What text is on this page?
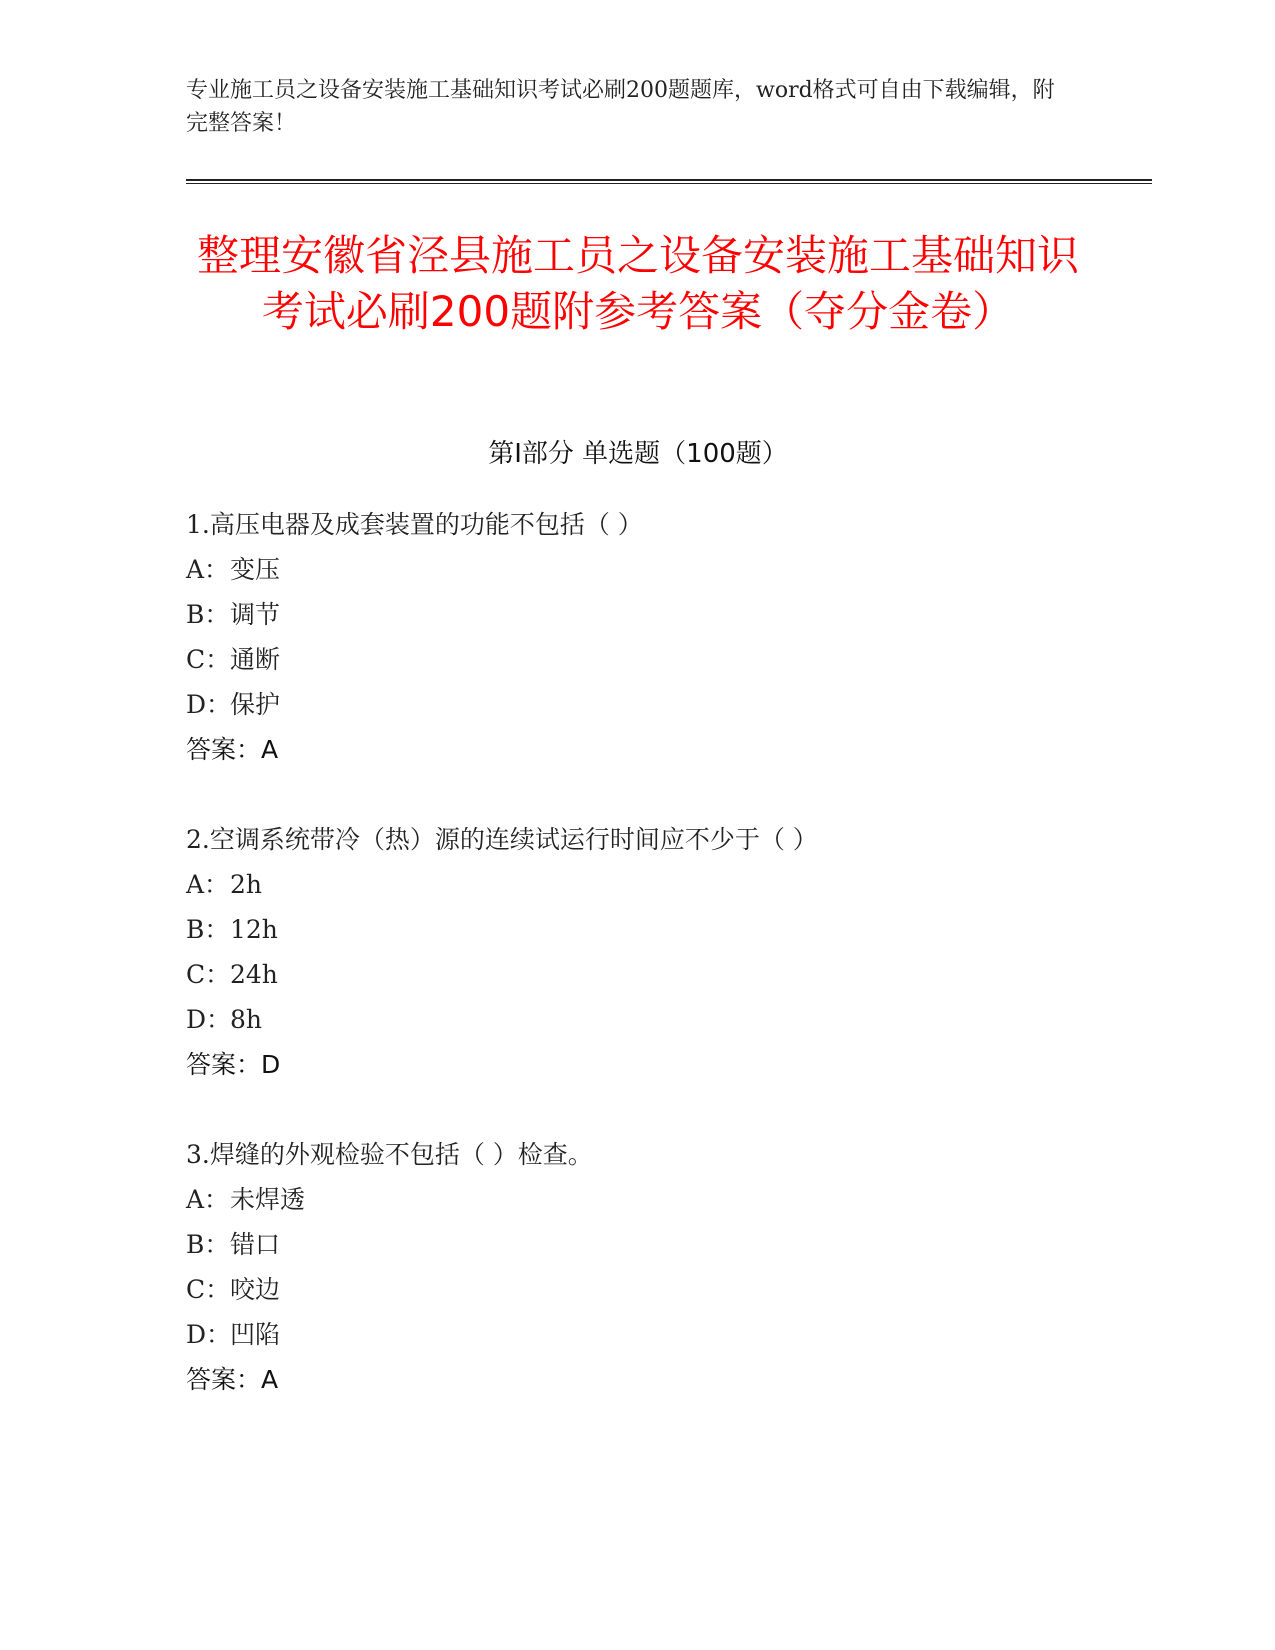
专业施工员之设备安装施工基础知识考试必刷200题题库，word格式可自由下载编辑，附完整答案！
整理安徽省泾县施工员之设备安装施工基础知识考试必刷200题附参考答案（夺分金卷）
第Ⅰ部分 单选题（100题）
1.高压电器及成套装置的功能不包括（ ）
A：变压
B：调节
C：通断
D：保护
答案：A
2.空调系统带冷（热）源的连续试运行时间应不少于（ ）
A：2h
B：12h
C：24h
D：8h
答案：D
3.焊缝的外观检验不包括（ ）检查。
A：未焊透
B：错口
C：咬边
D：凹陷
答案：A
